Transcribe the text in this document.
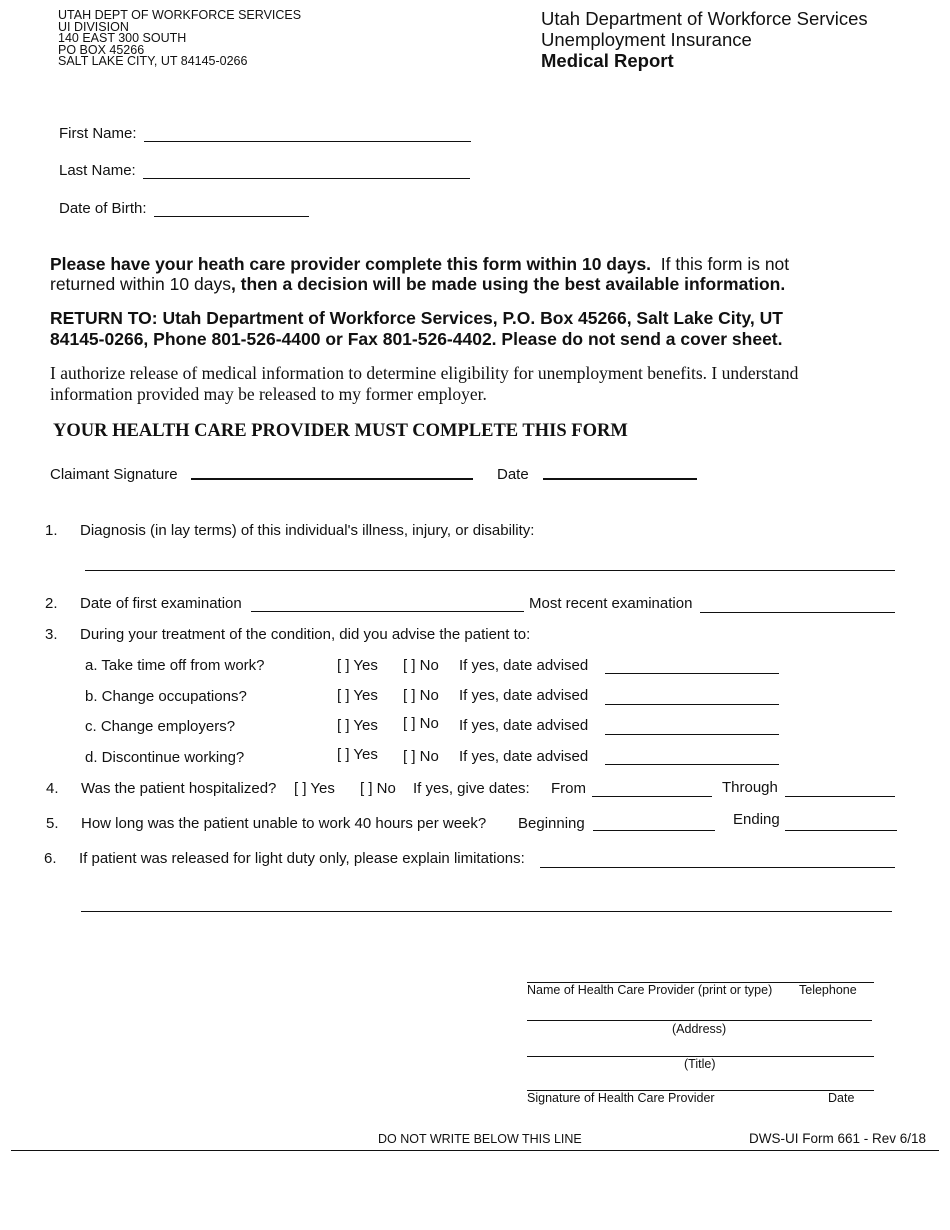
UTAH DEPT OF WORKFORCE SERVICES
UI DIVISION
140 EAST 300 SOUTH
PO BOX 45266
SALT LAKE CITY, UT 84145-0266
Utah Department of Workforce Services
Unemployment Insurance
Medical Report
First Name:
Last Name:
Date of Birth:
Please have your heath care provider complete this form within 10 days. If this form is not
returned within 10 days, then a decision will be made using the best available information.
RETURN TO: Utah Department of Workforce Services, P.O. Box 45266, Salt Lake City, UT
84145-0266, Phone 801-526-4400 or Fax 801-526-4402. Please do not send a cover sheet.
I authorize release of medical information to determine eligibility for unemployment benefits. I understand
information provided may be released to my former employer.
YOUR HEALTH CARE PROVIDER MUST COMPLETE THIS FORM
Claimant Signature	Date
1. Diagnosis (in lay terms) of this individual's illness, injury, or disability:
2. Date of first examination	Most recent examination
3. During your treatment of the condition, did you advise the patient to:
a. Take time off from work?	[ ] Yes [ ] No If yes, date advised
b. Change occupations?	[ ] Yes [ ] No If yes, date advised
c. Change employers?	[ ] Yes [ ] No If yes, date advised
d. Discontinue working?	[ ] Yes [ ] No If yes, date advised
4. Was the patient hospitalized? [ ] Yes [ ] No If yes, give dates: From	Through
5. How long was the patient unable to work 40 hours per week? Beginning	Ending
6. If patient was released for light duty only, please explain limitations:
Name of Health Care Provider (print or type) Telephone
(Address)
(Title)
Signature of Health Care Provider	Date
DO NOT WRITE BELOW THIS LINE	DWS-UI Form 661 - Rev 6/18
